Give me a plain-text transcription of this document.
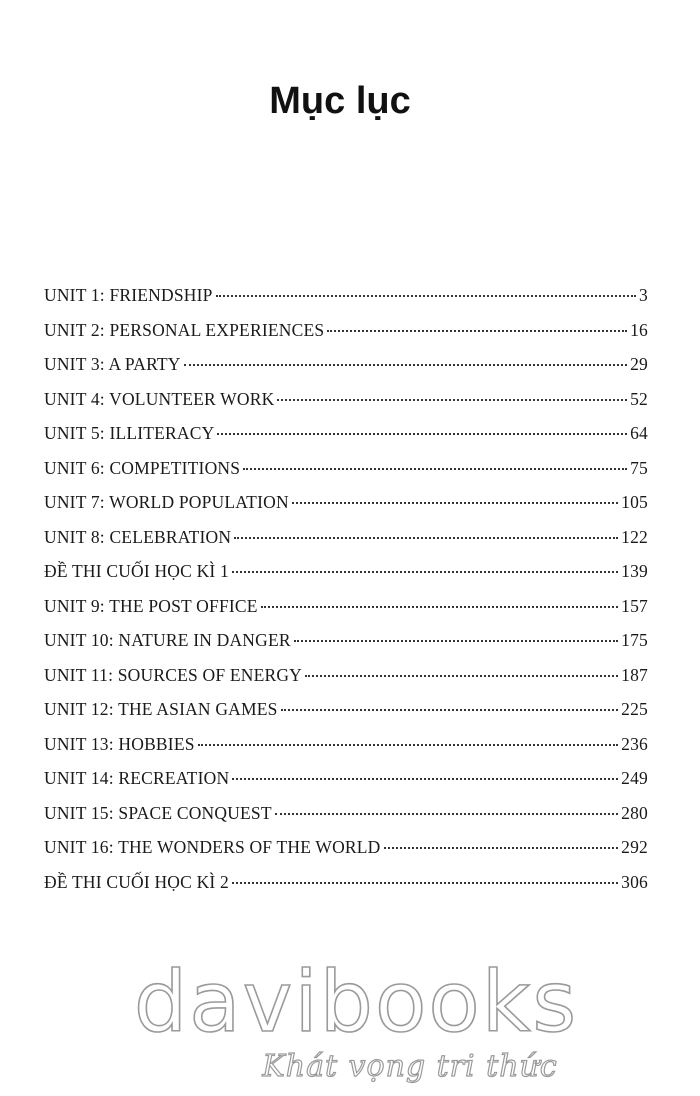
Mục lục
UNIT 1: FRIENDSHIP	3
UNIT 2: PERSONAL EXPERIENCES	16
UNIT 3: A PARTY	29
UNIT 4: VOLUNTEER WORK	52
UNIT 5: ILLITERACY	64
UNIT 6: COMPETITIONS	75
UNIT 7: WORLD POPULATION	105
UNIT 8: CELEBRATION	122
ĐỀ THI CUỐI HỌC KÌ 1	139
UNIT 9: THE POST OFFICE	157
UNIT 10: NATURE IN DANGER	175
UNIT 11: SOURCES OF ENERGY	187
UNIT 12: THE ASIAN GAMES	225
UNIT 13: HOBBIES	236
UNIT 14: RECREATION	249
UNIT 15: SPACE CONQUEST	280
UNIT 16: THE WONDERS OF THE WORLD	292
ĐỀ THI CUỐI HỌC KÌ 2	306
davibooks
Khát vọng tri thức
